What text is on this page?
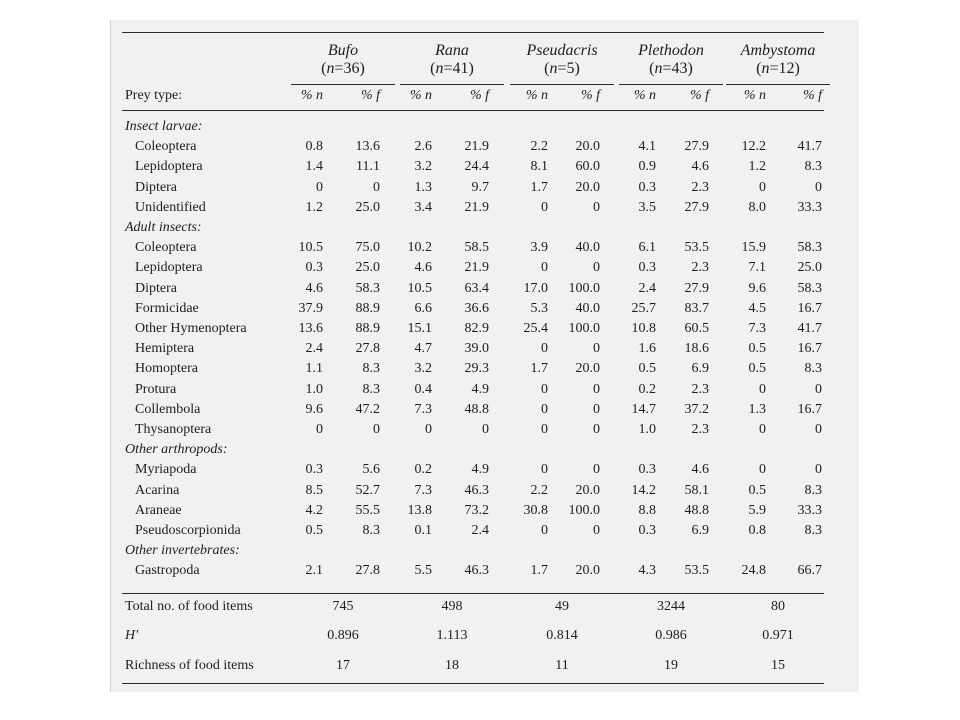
Bufo
(n=36)
Rana
(n=41)
Pseudacris
(n=5)
Plethodon
(n=43)
Ambystoma
(n=12)
Prey type:	% n	% f	% n	% f	% n	% f	% n	% f	% n	% f
Insect larvae:
Coleoptera	0.8	13.6	2.6	21.9	2.2	20.0	4.1	27.9	12.2	41.7
Lepidoptera	1.4	11.1	3.2	24.4	8.1	60.0	0.9	4.6	1.2	8.3
Diptera	0	0	1.3	9.7	1.7	20.0	0.3	2.3	0	0
Unidentified	1.2	25.0	3.4	21.9	0	0	3.5	27.9	8.0	33.3
Adult insects:
Coleoptera	10.5	75.0	10.2	58.5	3.9	40.0	6.1	53.5	15.9	58.3
Lepidoptera	0.3	25.0	4.6	21.9	0	0	0.3	2.3	7.1	25.0
Diptera	4.6	58.3	10.5	63.4	17.0	100.0	2.4	27.9	9.6	58.3
Formicidae	37.9	88.9	6.6	36.6	5.3	40.0	25.7	83.7	4.5	16.7
Other Hymenoptera	13.6	88.9	15.1	82.9	25.4	100.0	10.8	60.5	7.3	41.7
Hemiptera	2.4	27.8	4.7	39.0	0	0	1.6	18.6	0.5	16.7
Homoptera	1.1	8.3	3.2	29.3	1.7	20.0	0.5	6.9	0.5	8.3
Protura	1.0	8.3	0.4	4.9	0	0	0.2	2.3	0	0
Collembola	9.6	47.2	7.3	48.8	0	0	14.7	37.2	1.3	16.7
Thysanoptera	0	0	0	0	0	0	1.0	2.3	0	0
Other arthropods:
Myriapoda	0.3	5.6	0.2	4.9	0	0	0.3	4.6	0	0
Acarina	8.5	52.7	7.3	46.3	2.2	20.0	14.2	58.1	0.5	8.3
Araneae	4.2	55.5	13.8	73.2	30.8	100.0	8.8	48.8	5.9	33.3
Pseudoscorpionida	0.5	8.3	0.1	2.4	0	0	0.3	6.9	0.8	8.3
Other invertebrates:
Gastropoda	2.1	27.8	5.5	46.3	1.7	20.0	4.3	53.5	24.8	66.7
Total no. of food items	745	498	49	3244	80
H'	0.896	1.113	0.814	0.986	0.971
Richness of food items	17	18	11	19	15
